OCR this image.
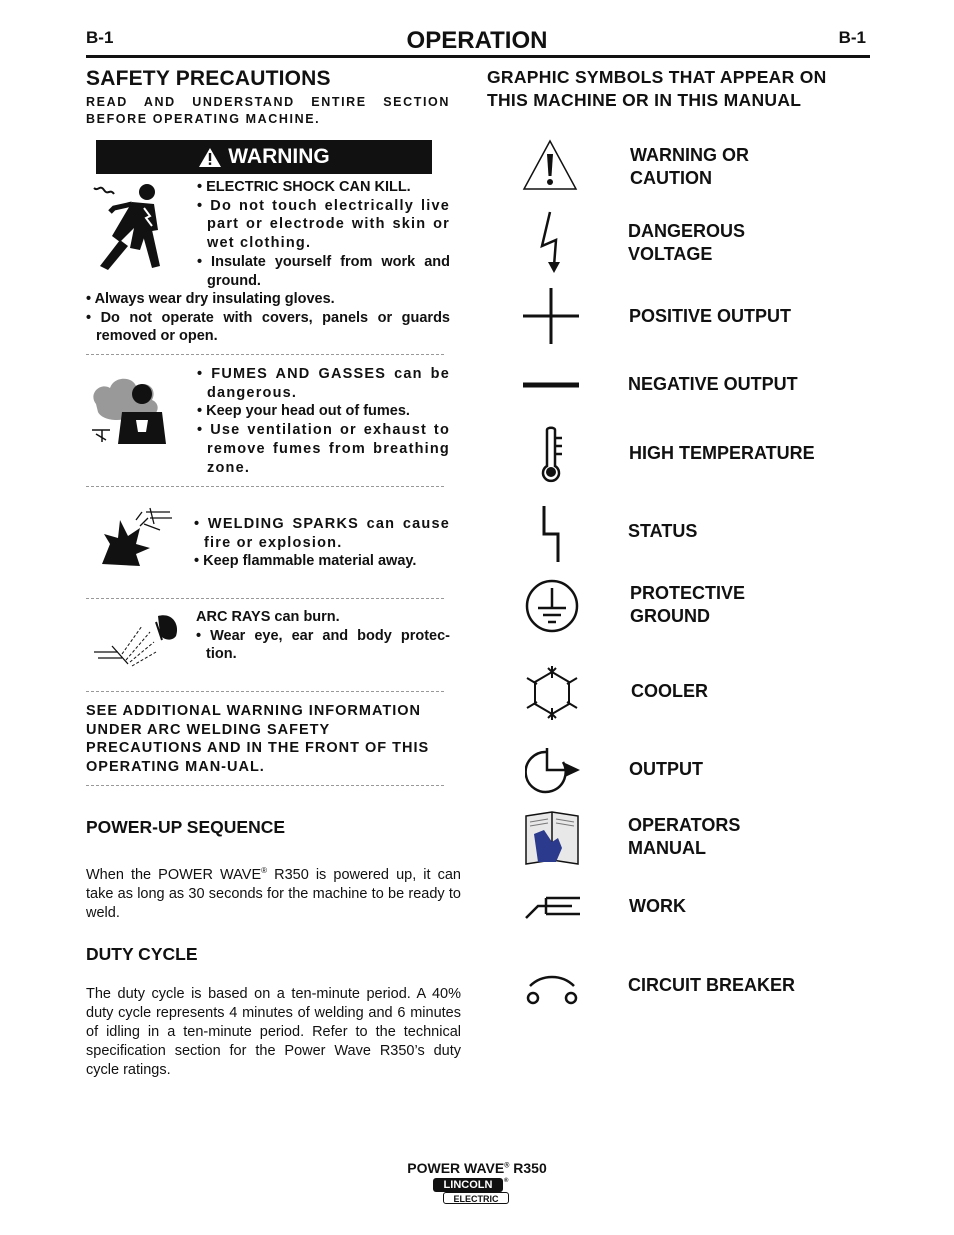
B-1	B-1
OPERATION
SAFETY PRECAUTIONS
READ AND UNDERSTAND ENTIRE SECTION BEFORE OPERATING MACHINE.
WARNING
• ELECTRIC SHOCK CAN KILL.
• Do not touch electrically live part or electrode with skin or wet clothing.
• Insulate yourself from work and ground.
• Always wear dry insulating gloves.
• Do not operate with covers, panels or guards removed or open.
• FUMES AND GASSES can be dangerous.
• Keep your head out of fumes.
• Use ventilation or exhaust to remove fumes from breathing zone.
• WELDING SPARKS can cause fire or explosion.
• Keep flammable material away.
ARC RAYS can burn.
• Wear eye, ear and body protec-tion.
SEE ADDITIONAL WARNING INFORMATION UNDER ARC WELDING SAFETY PRECAUTIONS AND IN THE FRONT OF THIS OPERATING MAN-UAL.
POWER-UP SEQUENCE
When the POWER WAVE® R350 is powered up, it can take as long as 30 seconds for the machine to be ready to weld.
DUTY CYCLE
The duty cycle is based on a ten-minute period. A 40% duty cycle represents 4 minutes of welding and 6 minutes of idling in a ten-minute period. Refer to the technical specification section for the Power Wave R350’s duty cycle ratings.
GRAPHIC SYMBOLS THAT APPEAR ON THIS MACHINE OR IN THIS MANUAL
WARNING OR
CAUTION
DANGEROUS
VOLTAGE
POSITIVE OUTPUT
NEGATIVE OUTPUT
HIGH TEMPERATURE
STATUS
PROTECTIVE
GROUND
COOLER
OUTPUT
OPERATORS
MANUAL
WORK
CIRCUIT BREAKER
POWER WAVE® R350
LINCOLN	®
ELECTRIC
